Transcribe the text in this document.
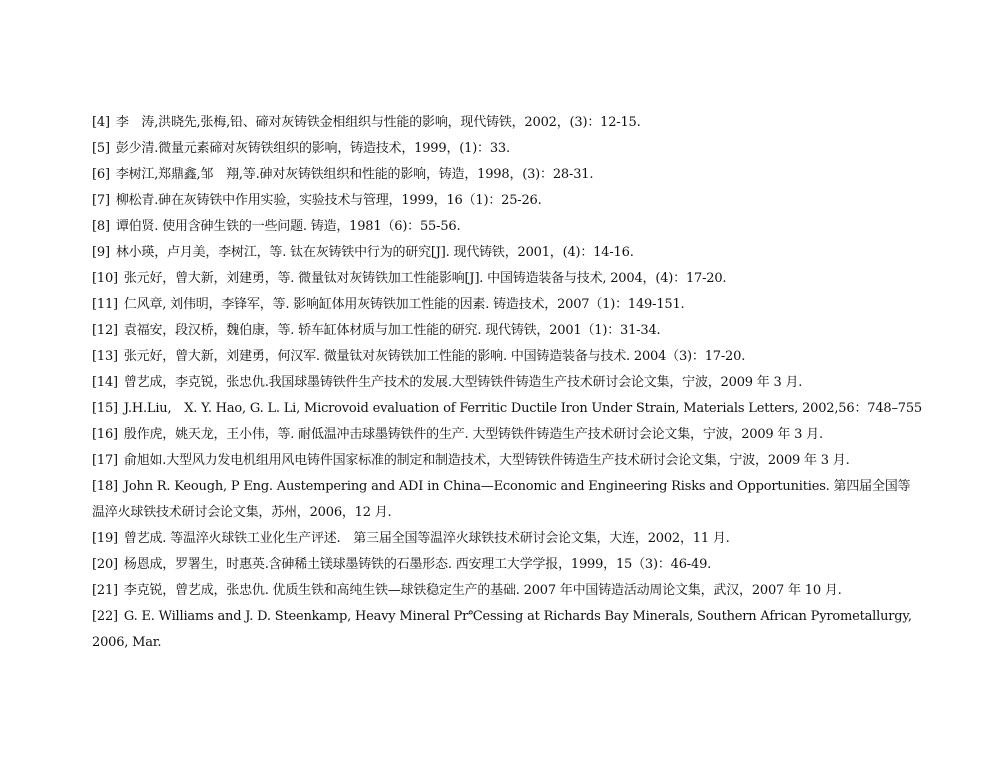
[4] 李　涛,洪晓先,张梅,铅、碲对灰铸铁金相组织与性能的影响，现代铸铁，2002，(3)：12-15.
[5] 彭少清.微量元素碲对灰铸铁组织的影响，铸造技术，1999，(1)：33.
[6] 李树江,郑鼎鑫,邹　翔,等.砷对灰铸铁组织和性能的影响，铸造，1998，(3)：28-31.
[7] 柳松青.砷在灰铸铁中作用实验，实验技术与管理，1999，16（1)：25-26.
[8] 谭伯贤. 使用含砷生铁的一些问题. 铸造，1981（6)：55-56.
[9] 林小瑛，卢月美，李树江，等. 钛在灰铸铁中行为的研究[J]. 现代铸铁，2001，(4)：14-16.
[10] 张元好，曾大新，刘建勇，等. 微量钛对灰铸铁加工性能影响[J]. 中国铸造装备与技术, 2004，(4)：17-20.
[11] 仁风章, 刘伟明，李锋军，等. 影响缸体用灰铸铁加工性能的因素. 铸造技术，2007（1)：149-151.
[12] 袁福安，段汉桥，魏伯康，等. 轿车缸体材质与加工性能的研究. 现代铸铁，2001（1)：31-34.
[13] 张元好，曾大新，刘建勇，何汉军. 微量钛对灰铸铁加工性能的影响. 中国铸造装备与技术. 2004（3)：17-20.
[14] 曾艺成，李克锐，张忠仇.我国球墨铸铁件生产技术的发展.大型铸铁件铸造生产技术研讨会论文集，宁波，2009 年 3 月.
[15] J.H.Liu,　X. Y. Hao, G. L. Li, Microvoid evaluation of Ferritic Ductile Iron Under Strain, Materials Letters, 2002,56：748–755
[16] 殷作虎，姚天龙，王小伟，等. 耐低温冲击球墨铸铁件的生产. 大型铸铁件铸造生产技术研讨会论文集，宁波，2009 年 3 月.
[17] 俞旭如.大型风力发电机组用风电铸件国家标准的制定和制造技术，大型铸铁件铸造生产技术研讨会论文集，宁波，2009 年 3 月.
[18] John R. Keough, P Eng. Austempering and ADI in China—Economic and Engineering Risks and Opportunities. 第四届全国等温淬火球铁技术研讨会论文集，苏州，2006，12 月.
[19] 曾艺成. 等温淬火球铁工业化生产评述.　第三届全国等温淬火球铁技术研讨会论文集，大连，2002，11 月.
[20] 杨恩成，罗署生，时惠英.含砷稀土镁球墨铸铁的石墨形态. 西安理工大学学报，1999，15（3)：46-49.
[21] 李克锐，曾艺成，张忠仇. 优质生铁和高纯生铁—球铁稳定生产的基础. 2007 年中国铸造活动周论文集，武汉，2007 年 10 月.
[22] G. E. Williams and J. D. Steenkamp, Heavy Mineral Pr℃essing at Richards Bay Minerals, Southern African Pyrometallurgy, 2006, Mar.
